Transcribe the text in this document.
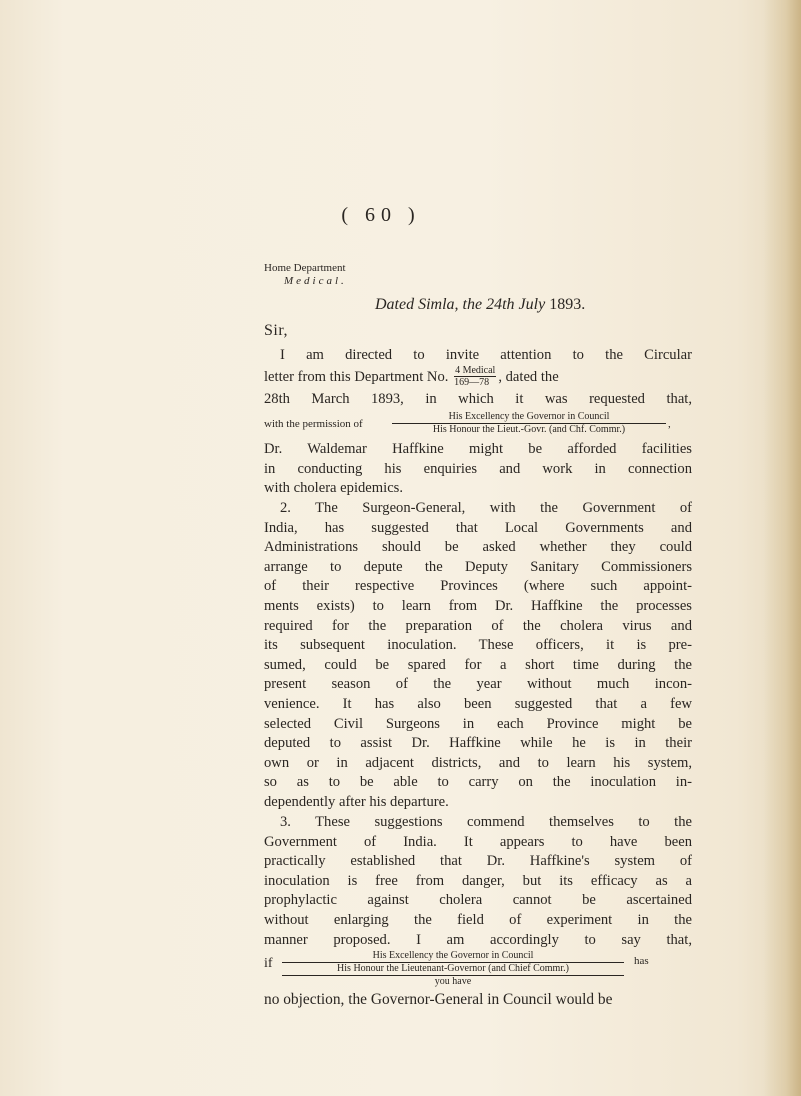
( 60 )
Home Department
Medical.
Dated Simla, the 24th July 1893.
Sir,
I am directed to invite attention to the Circular
letter from this Department No. $\frac{\text{4 Medical}}{169—78}$ , dated the
28th March 1893, in which it was requested that,
with the permission of
His Excellency the Governor in Council
His Honour the Lieut.-Govr. (and Chf. Commr.)	,
Dr. Waldemar Haffkine might be afforded facilities
in conducting his enquiries and work in connection
with cholera epidemics.
2. The Surgeon-General, with the Government of
India, has suggested that Local Governments and
Administrations should be asked whether they could
arrange to depute the Deputy Sanitary Commissioners
of their respective Provinces (where such appoint-
ments exists) to learn from Dr. Haffkine the processes
required for the preparation of the cholera virus and
its subsequent inoculation. These officers, it is pre-
sumed, could be spared for a short time during the
present season of the year without much incon-
venience. It has also been suggested that a few
selected Civil Surgeons in each Province might be
deputed to assist Dr. Haffkine while he is in their
own or in adjacent districts, and to learn his system,
so as to be able to carry on the inoculation in-
dependently after his departure.
3. These suggestions commend themselves to the
Government of India. It appears to have been
practically established that Dr. Haffkine's system of
inoculation is free from danger, but its efficacy as a
prophylactic against cholera cannot be ascertained
without enlarging the field of experiment in the
manner proposed. I am accordingly to say that,
if
His Excellency the Governor in Council
His Honour the Lieutenant-Governor (and Chief Commr.)
you have
has
no objection, the Governor-General in Council would be
